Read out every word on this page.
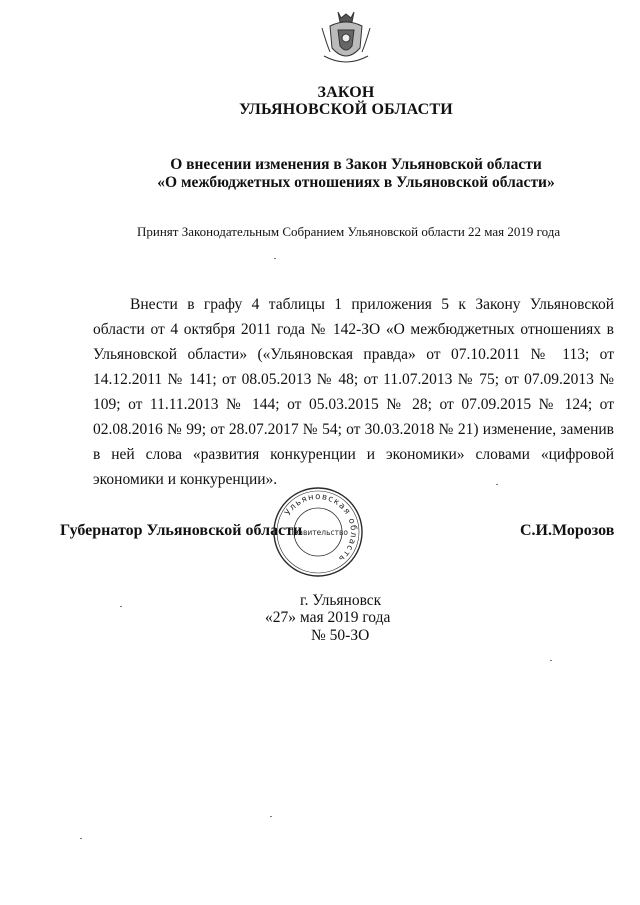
ЗАКОН
УЛЬЯНОВСКОЙ ОБЛАСТИ
О внесении изменения в Закон Ульяновской области
«О межбюджетных отношениях в Ульяновской области»
Принят Законодательным Собранием Ульяновской области 22 мая 2019 года
Внести в графу 4 таблицы 1 приложения 5 к Закону Ульяновской области от 4 октября 2011 года № 142-ЗО «О межбюджетных отношениях в Ульяновской области» («Ульяновская правда» от 07.10.2011 № 113; от 14.12.2011 № 141; от 08.05.2013 № 48; от 11.07.2013 № 75; от 07.09.2013 № 109; от 11.11.2013 № 144; от 05.03.2015 № 28; от 07.09.2015 № 124; от 02.08.2016 № 99; от 28.07.2017 № 54; от 30.03.2018 № 21) изменение, заменив в ней слова «развития конкуренции и экономики» словами «цифровой экономики и конкуренции».
Ульяновская область
Правительство
Губернатор Ульяновской области	С.И.Морозов
г. Ульяновск
«27» мая 2019 года
№ 50-ЗО
